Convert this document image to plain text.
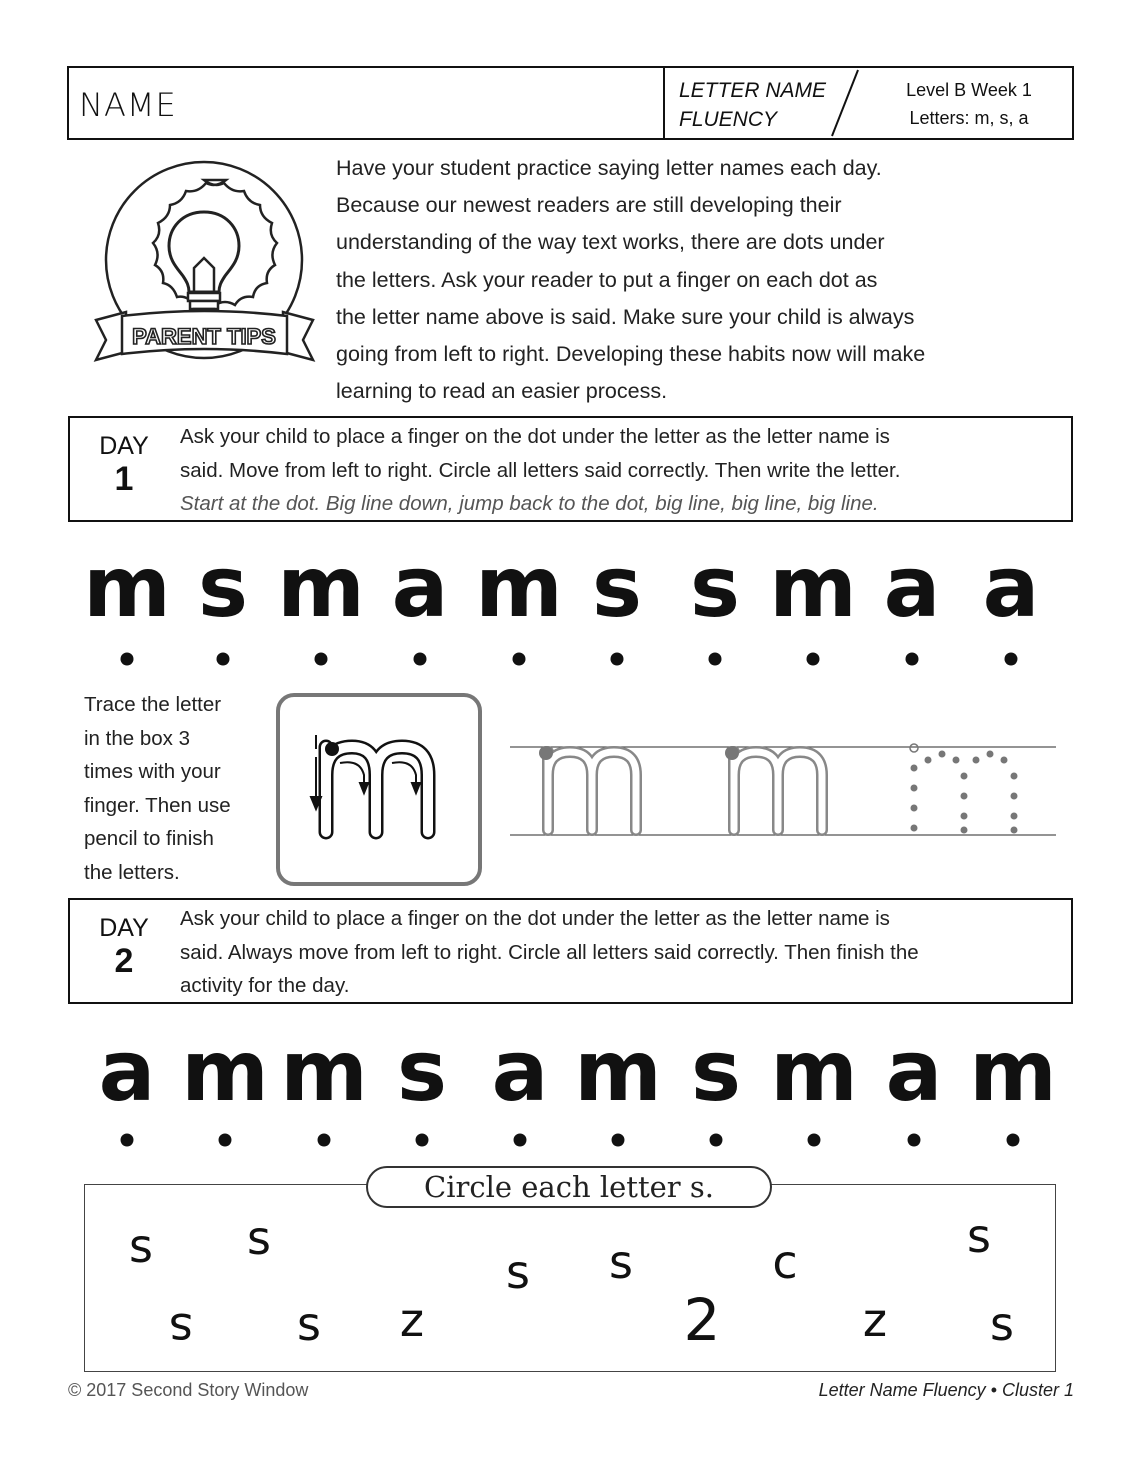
NAME	LETTER NAME
FLUENCY
Level B Week 1
Letters: m, s, a
PARENT TIPS
Have your student practice saying letter names each day.
Because our newest readers are still developing their
understanding of the way text works, there are dots under
the letters. Ask your reader to put a finger on each dot as
the letter name above is said. Make sure your child is always
going from left to right. Developing these habits now will make
learning to read an easier process.
DAY
1
Ask your child to place a finger on the dot under the letter as the letter name is
said. Move from left to right. Circle all letters said correctly. Then write the letter.
Start at the dot. Big line down, jump back to the dot, big line, big line, big line.
m s m a m s s m a a
Trace the letter
in the box 3
times with your
finger. Then use
pencil to finish
the letters.
DAY
2
Ask your child to place a finger on the dot under the letter as the letter name is
said. Always move from left to right. Circle all letters said correctly. Then finish the
activity for the day.
a m m s a m s m a m
Circle each letter s.
s s
s s	c	s
s s z	2	z s
© 2017 Second Story Window	Letter Name Fluency • Cluster 1
